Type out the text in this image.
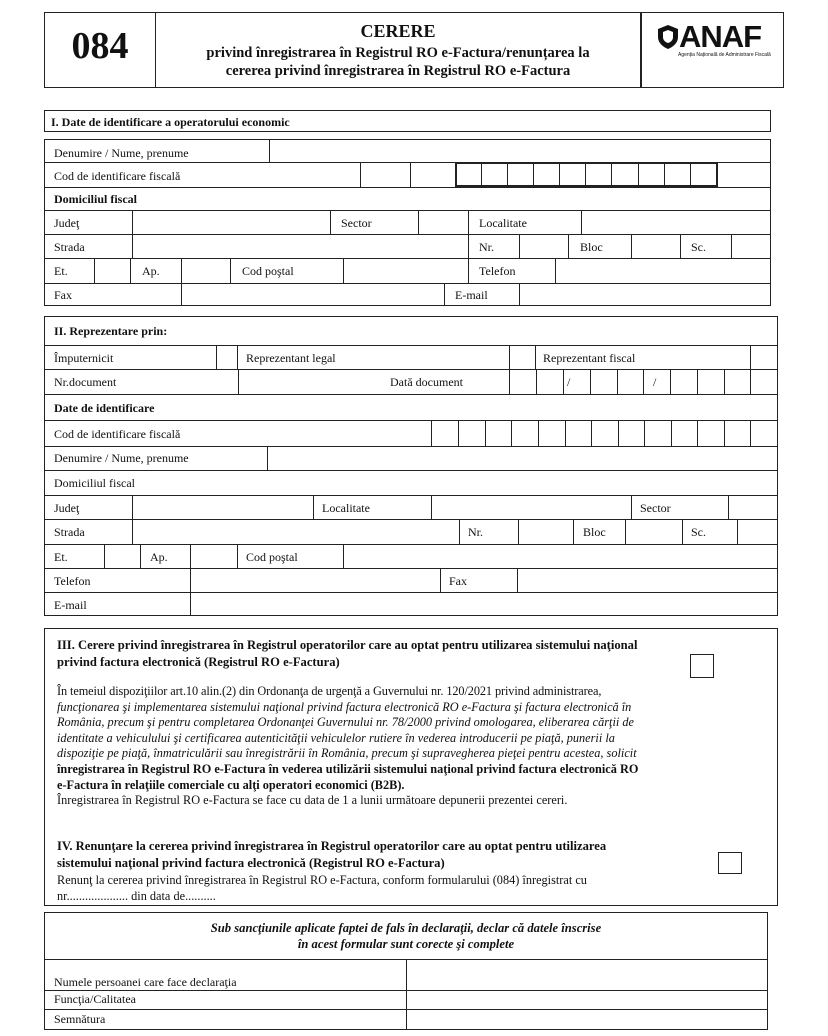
084	CERERE
privind înregistrarea în Registrul RO e-Factura/renunțarea la
cererea privind înregistrarea în Registrul RO e-Factura
ANAF
Agenția Națională de Administrare Fiscală
I. Date de identificare a operatorului economic
Denumire / Nume, prenume
Cod de identificare fiscală
Domiciliul fiscal
Judeţ	Sector	Localitate
Strada	Nr.	Bloc	Sc.
Et.	Ap.	Cod poştal	Telefon
Fax	E-mail
II. Reprezentare prin:
Împuternicit	Reprezentant legal	Reprezentant fiscal
Nr.document	Dată document	/	/
Date de identificare
Cod de identificare fiscală
Denumire / Nume, prenume
Domiciliul fiscal
Judeţ	Localitate	Sector
Strada	Nr.	Bloc	Sc.
Et.	Ap.	Cod poştal
Telefon	Fax
E-mail
III. Cerere privind înregistrarea în Registrul operatorilor care au optat pentru utilizarea sistemului naţional
privind factura electronică (Registrul RO e-Factura)
În temeiul dispoziţiilor art.10 alin.(2) din Ordonanţa de urgenţă a Guvernului nr. 120/2021 privind administrarea,
funcţionarea şi implementarea sistemului naţional privind factura electronică RO e-Factura şi factura electronică în
România, precum şi pentru completarea Ordonanţei Guvernului nr. 78/2000 privind omologarea, eliberarea cărţii de
identitate a vehiculului şi certificarea autenticităţii vehiculelor rutiere în vederea introducerii pe piaţă, punerii la
dispoziţie pe piaţă, înmatriculării sau înregistrării în România, precum şi supravegherea pieţei pentru acestea, solicit
înregistrarea în Registrul RO e-Factura în vederea utilizării sistemului naţional privind factura electronică RO
e-Factura în relaţiile comerciale cu alţi operatori economici (B2B).
Înregistrarea în Registrul RO e-Factura se face cu data de 1 a lunii următoare depunerii prezentei cereri.
IV. Renunţare la cererea privind înregistrarea în Registrul operatorilor care au optat pentru utilizarea
sistemului naţional privind factura electronică (Registrul RO e-Factura)
Renunţ la cererea privind înregistrarea în Registrul RO e-Factura, conform formularului (084) înregistrat cu
nr.................... din data de..........
Sub sancţiunile aplicate faptei de fals în declaraţii, declar că datele înscrise
în acest formular sunt corecte şi complete
Numele persoanei care face declaraţia
Funcţia/Calitatea
Semnătura
